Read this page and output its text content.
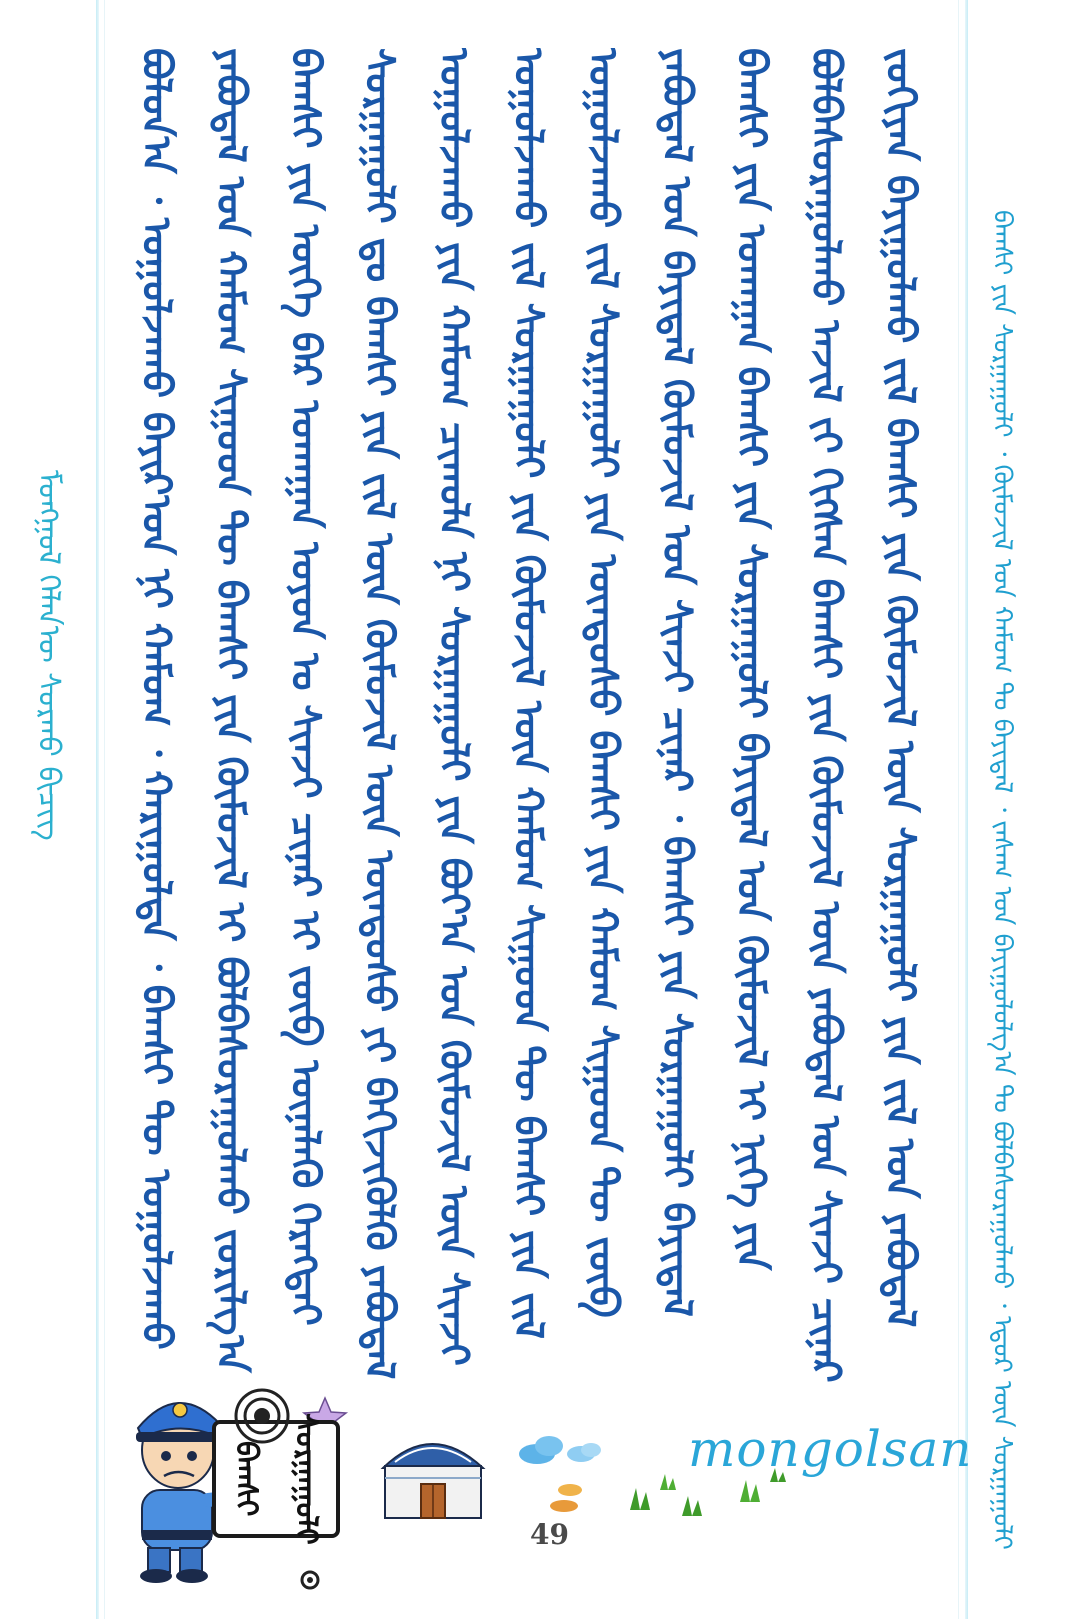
ᠮᠣᠩᠭᠣᠯ ᠬᠡᠯᠡᠨ᠎ᠦ ᠰᠤᠷᠬᠤ ᠪᠢᠴᠢᠭ	ᠪᠣᠯᠤᠨ᠎ᠠ ᠂ ᠤᠭᠤᠯᠵᠠᠬᠤ ᠪᠠᠶᠢᠷ᠎ᠤᠨ ᠨᠢ ᠬᠠᠮᠤᠭ ᠂ ᠬᠠᠷᠢᠭᠤᠯᠲᠠ ᠂ ᠪᠠᠭᠰᠢ ᠲᠦ ᠤᠭᠤᠯᠵᠠᠬᠤ ᠶᠠᠪᠤᠳᠠᠯ ᠤᠨ ᠬᠠᠮᠤᠭ ᠰᠢᠭᠤᠳ ᠲᠦ ᠪᠠᠭᠰᠢ ᠶᠢᠨ ᠬᠦᠮᠦᠵᠢᠯ ᠢ ᠪᠣᠯᠪᠠᠰᠤᠷᠠᠭᠤᠯᠬᠤ ᠵᠣᠷᠢᠯᠭ᠎ᠠ ᠪᠠᠭᠰᠢ ᠶᠢᠨ ᠦᠭᠡ ᠪᠡᠷ ᠤᠬᠠᠭᠠᠨ ᠣᠶᠤᠨ ᠤ ᠰᠢᠨᠵᠢ ᠴᠢᠨᠠᠷ ᠢ ᠵᠥᠪ ᠦᠨᠡᠯᠡᠬᠦ ᠬᠡᠷᠡᠭᠲᠡᠢ ᠰᠤᠷᠭᠠᠭᠤᠯᠢ ᠳᠤ ᠪᠠᠭᠰᠢ ᠶᠢᠨ ᠵᠢᠯ ᠦᠨ ᠬᠦᠮᠦᠵᠢᠯ ᠦᠨ ᠦᠨᠳᠦᠰᠦ ᠶᠢ ᠪᠡᠬᠢᠵᠢᠭᠦᠯᠬᠦ ᠶᠠᠪᠤᠳᠠᠯ
ᠤᠭᠤᠯᠵᠠᠬᠤ ᠶᠢᠨ ᠬᠠᠮᠤᠭ ᠴᠢᠬᠤᠯᠠ ᠨᠢ ᠰᠤᠷᠭᠠᠭᠤᠯᠢ ᠶᠢᠨ ᠪᠤᠶ᠎ᠠ ᠤᠨ ᠬᠦᠮᠦᠵᠢᠯ ᠦᠨ ᠰᠢᠨᠵᠢ
ᠤᠭᠤᠯᠵᠠᠬᠤ ᠵᠢᠯ ᠰᠤᠷᠭᠠᠭᠤᠯᠢ ᠶᠢᠨ ᠬᠦᠮᠦᠵᠢᠯ ᠦᠨ ᠬᠠᠮᠤᠭ ᠰᠢᠭᠤᠳ ᠲᠦ ᠪᠠᠭᠰᠢ ᠶᠢᠨ ᠵᠢᠯ
ᠤᠭᠤᠯᠵᠠᠬᠤ ᠵᠢᠯ ᠰᠤᠷᠭᠠᠭᠤᠯᠢ ᠶᠢᠨ ᠦᠨᠳᠦᠰᠦ ᠪᠠᠭᠰᠢ ᠶᠢᠨ ᠬᠠᠮᠤᠭ ᠰᠢᠭᠤᠳ ᠲᠦ ᠵᠥᠪ
ᠶᠠᠪᠤᠳᠠᠯ ᠤᠨ ᠪᠠᠶᠢᠳᠠᠯ ᠬᠦᠮᠦᠵᠢᠯ ᠤᠨ ᠰᠢᠨᠵᠢ ᠴᠢᠨᠠᠷ ᠂ ᠪᠠᠭᠰᠢ ᠶᠢᠨ ᠰᠤᠷᠭᠠᠭᠤᠯᠢ ᠪᠠᠶᠢᠳᠠᠯ
ᠪᠠᠭᠰᠢ ᠶᠢᠨ ᠤᠬᠠᠭᠠᠨ ᠪᠠᠭᠰᠢ ᠶᠢᠨ ᠰᠤᠷᠭᠠᠭᠤᠯᠢ ᠪᠠᠶᠢᠳᠠᠯ ᠤᠨ ᠬᠦᠮᠦᠵᠢᠯ ᠢ ᠨᠢᠭᠡ ᠶᠢᠨ
ᠪᠣᠯᠪᠠᠰᠤᠷᠠᠭᠤᠯᠬᠤ ᠠᠵᠢᠯ ᠵᠢ ᠬᠢᠭᠰᠡᠨ ᠪᠠᠭᠰᠢ ᠶᠢᠨ ᠬᠦᠮᠦᠵᠢᠯ ᠦᠨ ᠶᠠᠪᠤᠳᠠᠯ ᠤᠨ ᠰᠢᠨᠵᠢ ᠴᠢᠨᠠᠷ
ᠵᠣᠬᠢᠶᠠᠨ ᠪᠠᠶᠢᠭᠤᠯᠬᠤ ᠵᠢᠯ ᠪᠠᠭᠰᠢ ᠶᠢᠨ ᠬᠦᠮᠦᠵᠢᠯ ᠦᠨ ᠰᠤᠷᠭᠠᠭᠤᠯᠢ ᠶᠢᠨ ᠵᠢᠯ ᠤᠨ ᠶᠠᠪᠤᠳᠠᠯ ᠪᠠᠭᠰᠢ ᠶᠢᠨ ᠰᠤᠷᠭᠠᠭᠤᠯᠢ ᠂ ᠬᠦᠮᠦᠵᠢᠯ ᠤᠨ ᠬᠠᠮᠤᠭ ᠲᠤ ᠪᠠᠶᠢᠳᠠᠯ ᠂ ᠵᠠᠰᠠᠭ ᠤᠨ ᠪᠠᠶᠢᠭᠤᠯᠤᠯᠭ᠎ᠠ ᠲᠤ ᠪᠣᠯᠪᠠᠰᠤᠷᠠᠭᠤᠯᠬᠤ ᠂ ᠡᠳᠦᠷ ᠦᠨ ᠰᠤᠷᠭᠠᠭᠤᠯᠢ
ᠪᠠᠭᠰᠢ ᠰᠤᠷᠭᠠᠭᠤᠯᠢ	49
mongolsan
